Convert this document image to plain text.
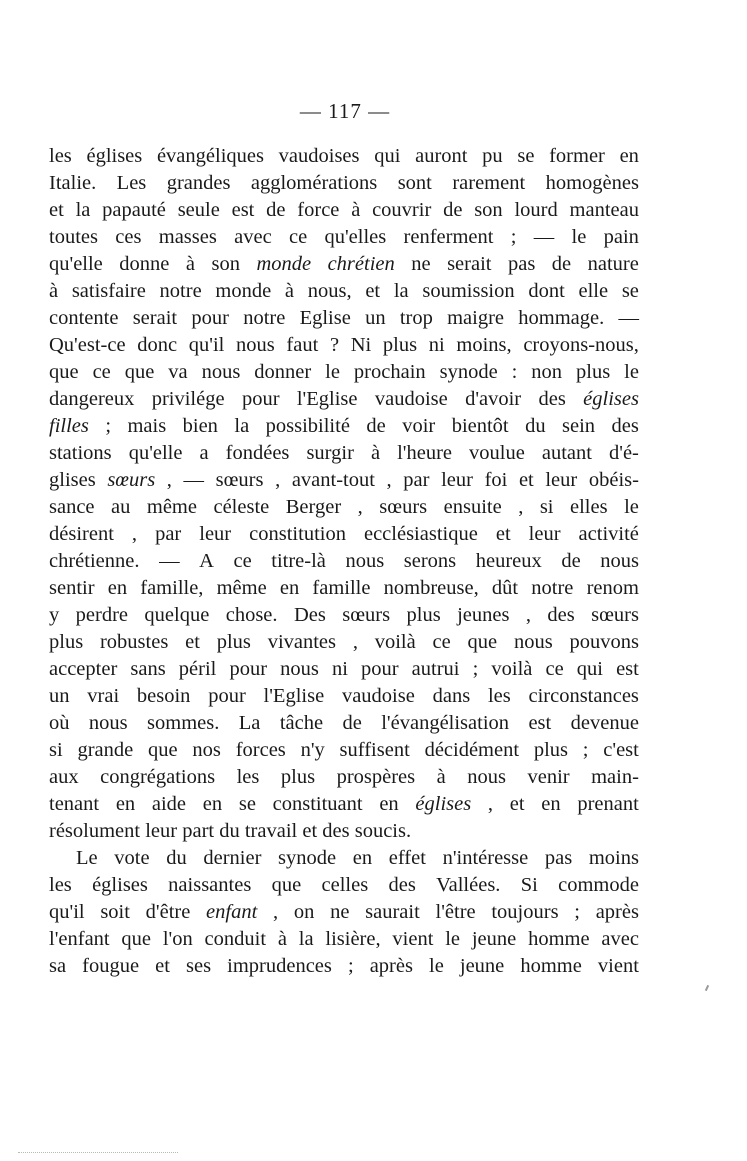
— 117 —
les églises évangéliques vaudoises qui auront pu se former en
Italie. Les grandes agglomérations sont rarement homogènes
et la papauté seule est de force à couvrir de son lourd manteau
toutes ces masses avec ce qu'elles renferment ; — le pain
qu'elle donne à son monde chrétien ne serait pas de nature
à satisfaire notre monde à nous, et la soumission dont elle se
contente serait pour notre Eglise un trop maigre hommage. —
Qu'est-ce donc qu'il nous faut ? Ni plus ni moins, croyons-nous,
que ce que va nous donner le prochain synode : non plus le
dangereux privilége pour l'Eglise vaudoise d'avoir des églises
filles ; mais bien la possibilité de voir bientôt du sein des
stations qu'elle a fondées surgir à l'heure voulue autant d'é-
glises sœurs , — sœurs , avant-tout , par leur foi et leur obéis-
sance au même céleste Berger , sœurs ensuite , si elles le
désirent , par leur constitution ecclésiastique et leur activité
chrétienne. — A ce titre-là nous serons heureux de nous
sentir en famille, même en famille nombreuse, dût notre renom
y perdre quelque chose. Des sœurs plus jeunes , des sœurs
plus robustes et plus vivantes , voilà ce que nous pouvons
accepter sans péril pour nous ni pour autrui ; voilà ce qui est
un vrai besoin pour l'Eglise vaudoise dans les circonstances
où nous sommes. La tâche de l'évangélisation est devenue
si grande que nos forces n'y suffisent décidément plus ; c'est
aux congrégations les plus prospères à nous venir main-
tenant en aide en se constituant en églises , et en prenant
résolument
leur
part
du
travail
et
des
soucis.

Le vote du dernier synode en effet n'intéresse pas moins
les églises naissantes que celles des Vallées. Si commode
qu'il soit d'être enfant , on ne saurait l'être toujours ; après
l'enfant que l'on conduit à la lisière, vient le jeune homme avec
sa fougue et ses imprudences ; après le jeune homme vient
